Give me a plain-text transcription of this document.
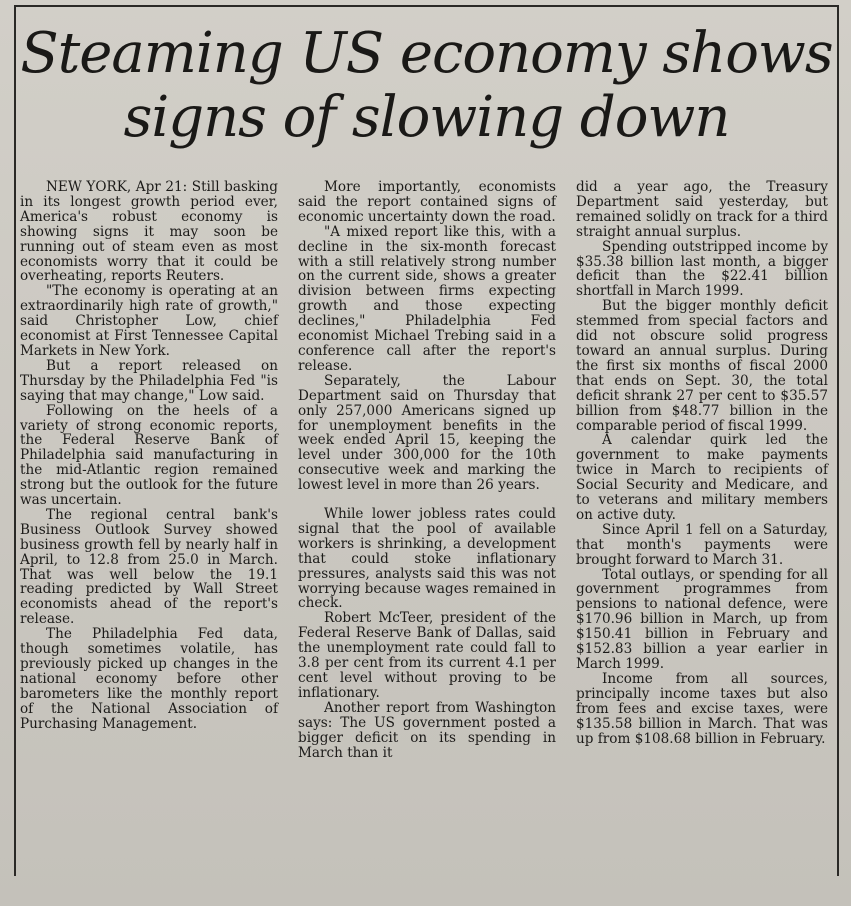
Steaming US economy shows
signs of slowing down

NEW YORK, Apr 21: Still basking in its longest growth period ever, America's robust economy is showing signs it may soon be running out of steam even as most economists worry that it could be overheating, reports Reuters.

"The economy is operating at an extraordinarily high rate of growth," said Christopher Low, chief economist at First Tennessee Capital Markets in New York.

But a report released on Thursday by the Philadelphia Fed "is saying that may change," Low said.

Following on the heels of a variety of strong economic reports, the Federal Reserve Bank of Philadelphia said manufacturing in the mid-Atlantic region remained strong but the outlook for the future was uncertain.

The regional central bank's Business Outlook Survey showed business growth fell by nearly half in April, to 12.8 from 25.0 in March. That was well below the 19.1 reading predicted by Wall Street economists ahead of the report's release.

The Philadelphia Fed data, though sometimes volatile, has previously picked up changes in the national economy before other barometers like the monthly report of the National Association of Purchasing Management.

More importantly, economists said the report contained signs of economic uncertainty down the road.

"A mixed report like this, with a decline in the six-month forecast with a still relatively strong number on the current side, shows a greater division between firms expecting growth and those expecting declines," Philadelphia Fed economist Michael Trebing said in a conference call after the report's release.

Separately, the Labour Department said on Thursday that only 257,000 Americans signed up for unemployment benefits in the week ended April 15, keeping the level under 300,000 for the 10th consecutive week and marking the lowest level in more than 26 years.

While lower jobless rates could signal that the pool of available workers is shrinking, a development that could stoke inflationary pressures, analysts said this was not worrying because wages remained in check.

Robert McTeer, president of the Federal Reserve Bank of Dallas, said the unemployment rate could fall to 3.8 per cent from its current 4.1 per cent level without proving to be inflationary.

Another report from Washington says: The US government posted a bigger deficit on its spending in March than it

did a year ago, the Treasury Department said yesterday, but remained solidly on track for a third straight annual surplus.

Spending outstripped income by $35.38 billion last month, a bigger deficit than the $22.41 billion shortfall in March 1999.

But the bigger monthly deficit stemmed from special factors and did not obscure solid progress toward an annual surplus. During the first six months of fiscal 2000 that ends on Sept. 30, the total deficit shrank 27 per cent to $35.57 billion from $48.77 billion in the comparable period of fiscal 1999.

A calendar quirk led the government to make payments twice in March to recipients of Social Security and Medicare, and to veterans and military members on active duty.

Since April 1 fell on a Saturday, that month's payments were brought forward to March 31.

Total outlays, or spending for all government programmes from pensions to national defence, were $170.96 billion in March, up from $150.41 billion in February and $152.83 billion a year earlier in March 1999.

Income from all sources, principally income taxes but also from fees and excise taxes, were $135.58 billion in March. That was up from $108.68 billion in February.
